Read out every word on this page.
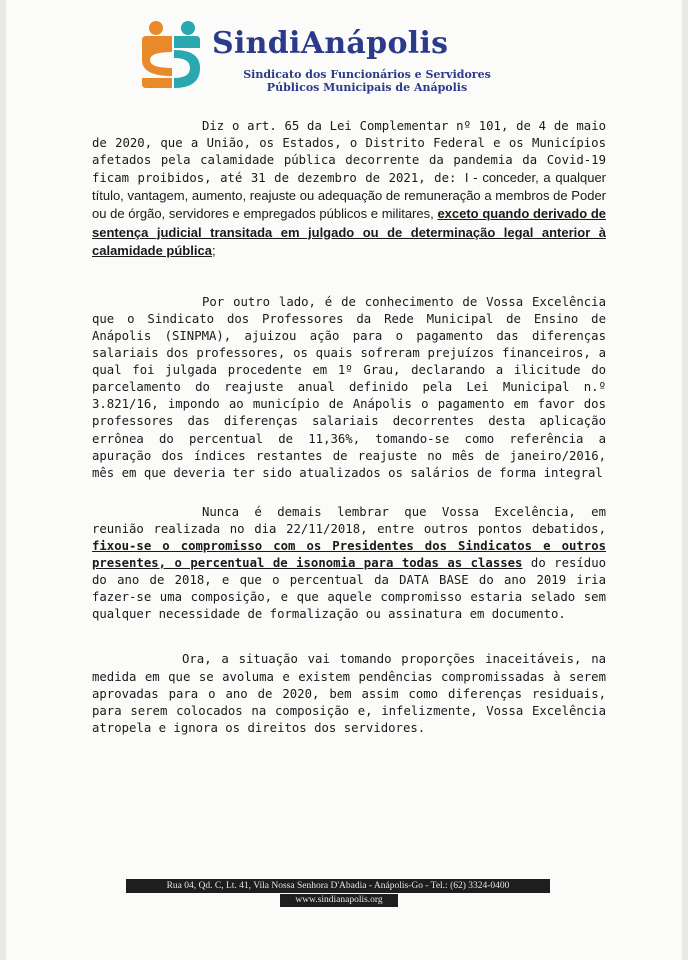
SindiAnápolis
Sindicato dos Funcionários e Servidores
Públicos Municipais de Anápolis

Diz o art. 65 da Lei Complementar nº 101, de 4 de maio de 2020, que a União, os Estados, o Distrito Federal e os Municípios afetados pela calamidade pública decorrente da pandemia da Covid-19 ficam proibidos, até 31 de dezembro de 2021, de: I - conceder, a qualquer título, vantagem, aumento, reajuste ou adequação de remuneração a membros de Poder ou de órgão, servidores e empregados públicos e militares, exceto quando derivado de sentença judicial transitada em julgado ou de determinação legal anterior à calamidade pública;

Por outro lado, é de conhecimento de Vossa Excelência que o Sindicato dos Professores da Rede Municipal de Ensino de Anápolis (SINPMA), ajuizou ação para o pagamento das diferenças salariais dos professores, os quais sofreram prejuízos financeiros, a qual foi julgada procedente em 1º Grau, declarando a ilicitude do parcelamento do reajuste anual definido pela Lei Municipal n.º 3.821/16, impondo ao município de Anápolis o pagamento em favor dos professores das diferenças salariais decorrentes desta aplicação errônea do percentual de 11,36%, tomando-se como referência a apuração dos índices restantes de reajuste no mês de janeiro/2016, mês em que deveria ter sido atualizados os salários de forma integral

Nunca é demais lembrar que Vossa Excelência, em reunião realizada no dia 22/11/2018, entre outros pontos debatidos, fixou-se o compromisso com os Presidentes dos Sindicatos e outros presentes, o percentual de isonomia para todas as classes do resíduo do ano de 2018, e que o percentual da DATA BASE do ano 2019 iria fazer-se uma composição, e que aquele compromisso estaria selado sem qualquer necessidade de formalização ou assinatura em documento.

Ora, a situação vai tomando proporções inaceitáveis, na medida em que se avoluma e existem pendências compromissadas à serem aprovadas para o ano de 2020, bem assim como diferenças residuais, para serem colocados na composição e, infelizmente, Vossa Excelência atropela e ignora os direitos dos servidores.

Rua 04, Qd. C, Lt. 41, Vila Nossa Senhora D'Abadia - Anápolis-Go - Tel.: (62) 3324-0400
www.sindianapolis.org
